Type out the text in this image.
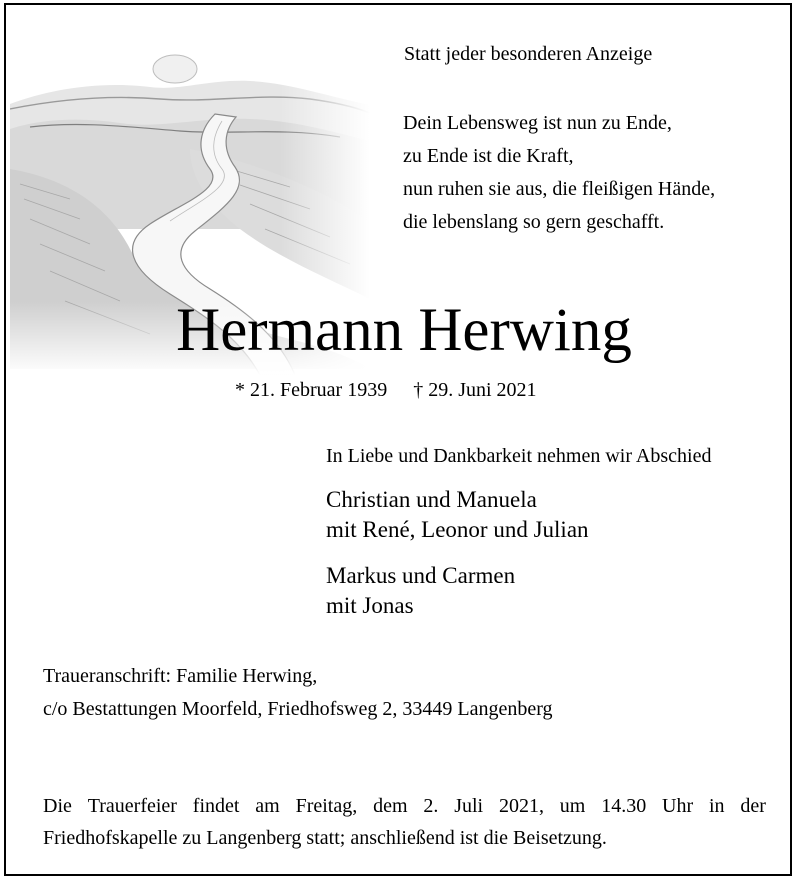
Statt jeder besonderen Anzeige
Dein Lebensweg ist nun zu Ende,
zu Ende ist die Kraft,
nun ruhen sie aus, die fleißigen Hände,
die lebenslang so gern geschafft.
Hermann Herwing
* 21. Februar 1939 † 29. Juni 2021
In Liebe und Dankbarkeit nehmen wir Abschied
Christian und Manuela
mit René, Leonor und Julian
Markus und Carmen
mit Jonas
Traueranschrift: Familie Herwing,
c/o Bestattungen Moorfeld, Friedhofsweg 2, 33449 Langenberg
Die Trauerfeier findet am Freitag, dem 2. Juli 2021, um 14.30 Uhr in der
Friedhofskapelle zu Langenberg statt; anschließend ist die Beisetzung.
